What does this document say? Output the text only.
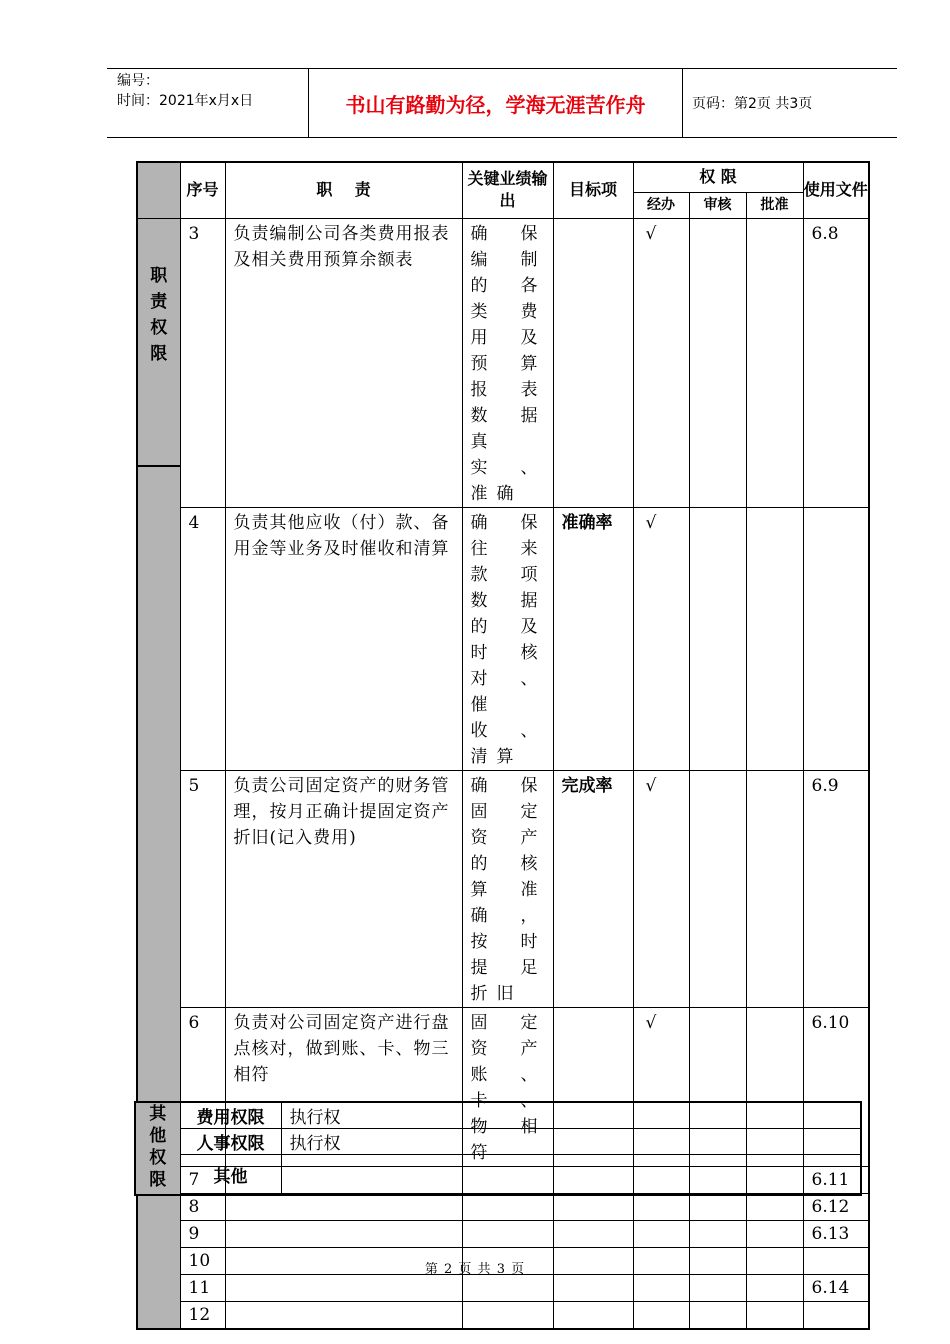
编号：
时间：2021年x月x日	书山有路勤为径，学海无涯苦作舟	页码：第2页 共3页
	序号	职    责	关键业绩输出	目标项	权 限			使用文件
					经办	审核	批准	

职责权限	3	负责编制公司各类费用报表及相关费用预算余额表	确保编制的各类费用及预算报表数据真实、准确		√			6.8
	4	负责其他应收（付）款、备用金等业务及时催收和清算	确保往来款项数据的及时核对、催收、清算	准确率	√			
	5	负责公司固定资产的财务管理，按月正确计提固定资产折旧(记入费用)	确保固定资产的核算准确，按时提足折旧	完成率	√			6.9
	6	负责对公司固定资产进行盘点核对，做到账、卡、物三相符	固定资产账、卡、物相符		√			6.10
	7							6.11
	8							6.12
	9							6.13
	10							
	11							6.14
	12							
其他权限	费用权限	执行权
	人事权限	执行权
	其他	
第 2 页 共 3 页
